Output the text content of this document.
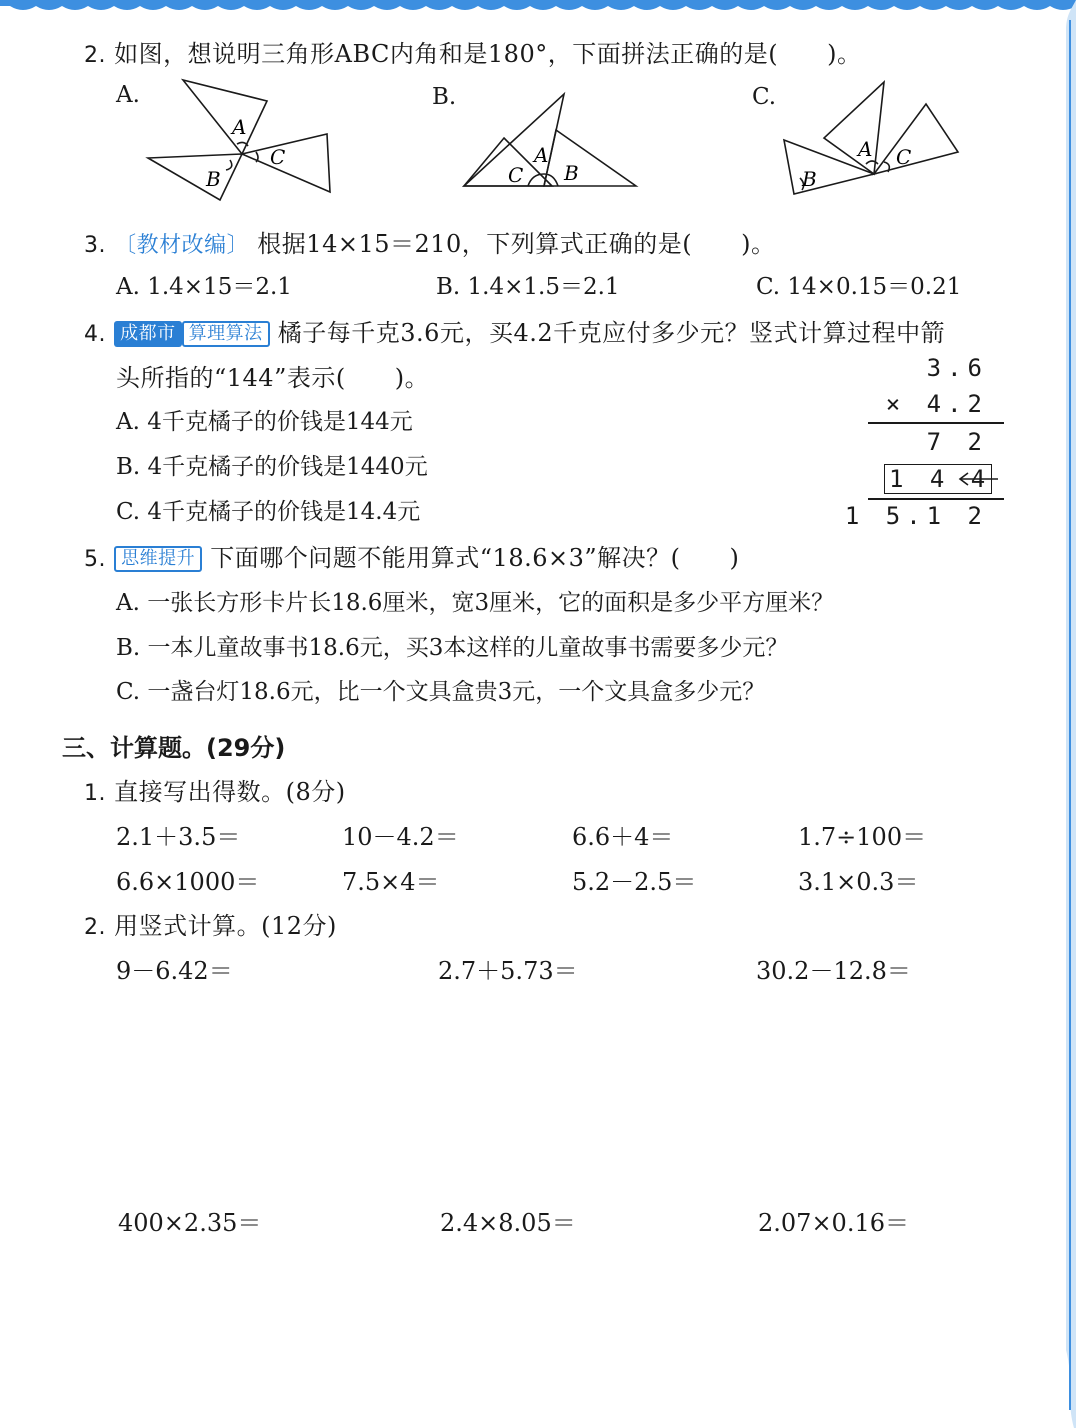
2. 如图，想说明三角形ABC内角和是180°，下面拼法正确的是(　　)。
A.	B.	C.
A
B
C	A
C B
A C
B
3. 〔教材改编〕 根据14×15＝210，下列算式正确的是(　　)。
A. 1.4×15＝2.1	B. 1.4×1.5＝2.1	C. 14×0.15＝0.21
4. 成都市 算理算法 橘子每千克3.6元，买4.2千克应付多少元？竖式计算过程中箭
头所指的“144”表示(　　)。
A. 4千克橘子的价钱是144元
B. 4千克橘子的价钱是1440元
C. 4千克橘子的价钱是14.4元
3.6
× 4.2
7 2
1 4 4
1 5.1 2
5. 思维提升 下面哪个问题不能用算式“18.6×3”解决？(　　)
A. 一张长方形卡片长18.6厘米，宽3厘米，它的面积是多少平方厘米？
B. 一本儿童故事书18.6元，买3本这样的儿童故事书需要多少元？
C. 一盏台灯18.6元，比一个文具盒贵3元，一个文具盒多少元？
三、计算题。(29分)
1. 直接写出得数。(8分)
2.1＋3.5＝	10－4.2＝	6.6＋4＝	1.7÷100＝
6.6×1000＝	7.5×4＝	5.2－2.5＝	3.1×0.3＝
2. 用竖式计算。(12分)
9－6.42＝	2.7＋5.73＝	30.2－12.8＝
400×2.35＝	2.4×8.05＝	2.07×0.16＝
